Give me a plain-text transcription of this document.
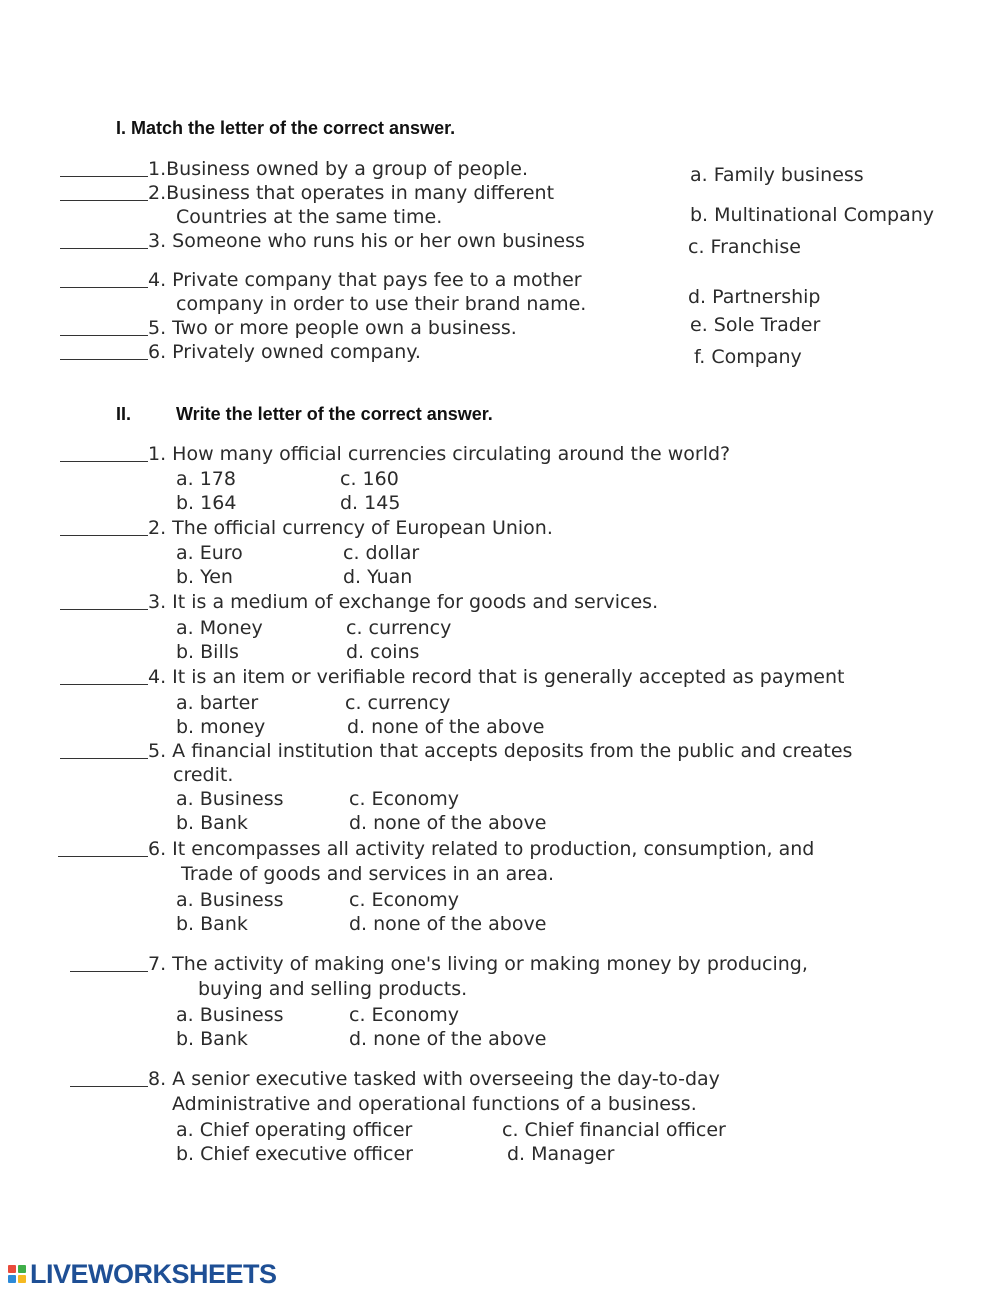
I. Match the letter of the correct answer.
1.Business owned by a group of people.
2.Business that operates in many different
Countries at the same time.
3. Someone who runs his or her own business
4. Private company that pays fee to a mother
company in order to use their brand name.
5. Two or more people own a business.
6. Privately owned company.
a. Family business
b. Multinational Company
c. Franchise
d. Partnership
e. Sole Trader
f. Company
II. Write the letter of the correct answer.
1. How many official currencies circulating around the world?
a. 178	c. 160
b. 164	d. 145
2. The official currency of European Union.
a. Euro	c. dollar
b. Yen	d. Yuan
3. It is a medium of exchange for goods and services.
a. Money	c. currency
b. Bills	d. coins
4. It is an item or verifiable record that is generally accepted as payment
a. barter	c. currency
b. money	d. none of the above
5. A financial institution that accepts deposits from the public and creates
credit.
a. Business	c. Economy
b. Bank	d. none of the above
6. It encompasses all activity related to production, consumption, and
Trade of goods and services in an area.
a. Business	c. Economy
b. Bank	d. none of the above
7. The activity of making one's living or making money by producing,
buying and selling products.
a. Business	c. Economy
b. Bank	d. none of the above
8. A senior executive tasked with overseeing the day-to-day
Administrative and operational functions of a business.
a. Chief operating officer	c. Chief financial officer
b. Chief executive officer	d. Manager
LIVEWORKSHEETS
